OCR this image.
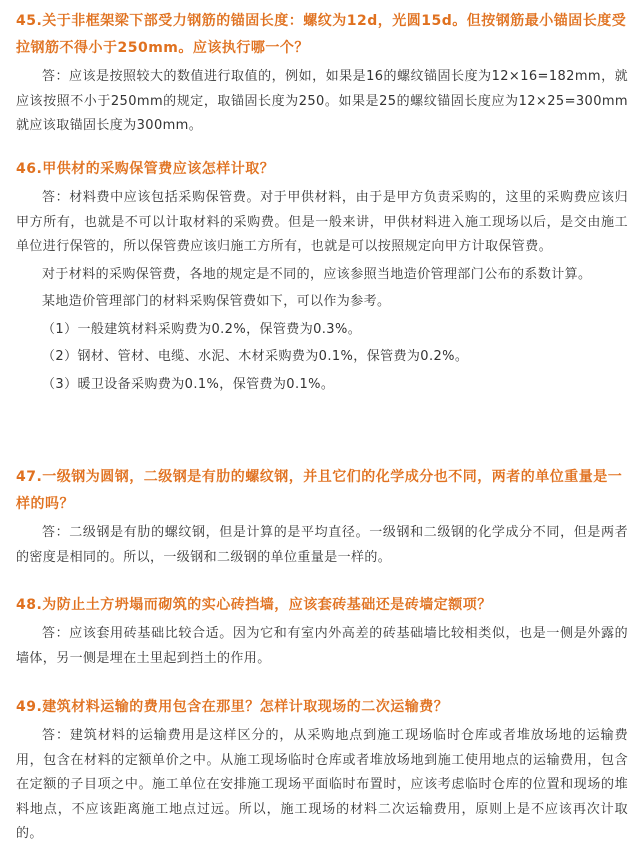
45.关于非框架梁下部受力钢筋的锚固长度：螺纹为12d，光圆15d。但按钢筋最小锚固长度受拉钢筋不得小于250mm。应该执行哪一个？

答：应该是按照较大的数值进行取值的，例如，如果是16的螺纹锚固长度为12×16=182mm，就应该按照不小于250mm的规定，取锚固长度为250。如果是25的螺纹锚固长度应为12×25=300mm就应该取锚固长度为300mm。

46.甲供材的采购保管费应该怎样计取？

答：材料费中应该包括采购保管费。对于甲供材料，由于是甲方负责采购的，这里的采购费应该归甲方所有，也就是不可以计取材料的采购费。但是一般来讲，甲供材料进入施工现场以后，是交由施工单位进行保管的，所以保管费应该归施工方所有，也就是可以按照规定向甲方计取保管费。

对于材料的采购保管费，各地的规定是不同的，应该参照当地造价管理部门公布的系数计算。

某地造价管理部门的材料采购保管费如下，可以作为参考。

（1）一般建筑材料采购费为0.2%，保管费为0.3%。

（2）钢材、管材、电缆、水泥、木材采购费为0.1%，保管费为0.2%。

（3）暖卫设备采购费为0.1%，保管费为0.1%。

47.一级钢为圆钢，二级钢是有肋的螺纹钢，并且它们的化学成分也不同，两者的单位重量是一样的吗？

答：二级钢是有肋的螺纹钢，但是计算的是平均直径。一级钢和二级钢的化学成分不同，但是两者的密度是相同的。所以，一级钢和二级钢的单位重量是一样的。

48.为防止土方坍塌而砌筑的实心砖挡墙，应该套砖基础还是砖墙定额项？

答：应该套用砖基础比较合适。因为它和有室内外高差的砖基础墙比较相类似，也是一侧是外露的墙体，另一侧是埋在土里起到挡土的作用。

49.建筑材料运输的费用包含在那里？怎样计取现场的二次运输费？

答：建筑材料的运输费用是这样区分的，从采购地点到施工现场临时仓库或者堆放场地的运输费用，包含在材料的定额单价之中。从施工现场临时仓库或者堆放场地到施工使用地点的运输费用，包含在定额的子目项之中。施工单位在安排施工现场平面临时布置时，应该考虑临时仓库的位置和现场的堆料地点，不应该距离施工地点过远。所以，施工现场的材料二次运输费用，原则上是不应该再次计取的。
